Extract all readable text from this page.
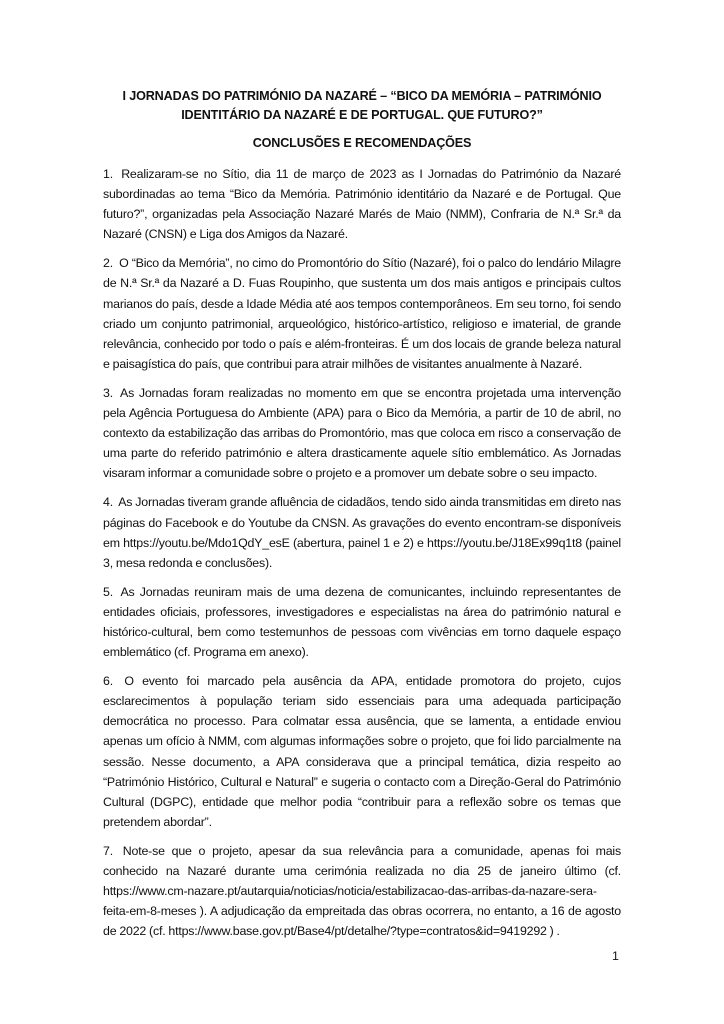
I JORNADAS DO PATRIMÓNIO DA NAZARÉ – “BICO DA MEMÓRIA – PATRIMÓNIO IDENTITÁRIO DA NAZARÉ E DE PORTUGAL. QUE FUTURO?”
CONCLUSÕES E RECOMENDAÇÕES

1. Realizaram-se no Sítio, dia 11 de março de 2023 as I Jornadas do Património da Nazaré subordinadas ao tema “Bico da Memória. Património identitário da Nazaré e de Portugal. Que futuro?”, organizadas pela Associação Nazaré Marés de Maio (NMM), Confraria de N.ª Sr.ª da Nazaré (CNSN) e Liga dos Amigos da Nazaré.

2. O “Bico da Memória”, no cimo do Promontório do Sítio (Nazaré), foi o palco do lendário Milagre de N.ª Sr.ª da Nazaré a D. Fuas Roupinho, que sustenta um dos mais antigos e principais cultos marianos do país, desde a Idade Média até aos tempos contemporâneos. Em seu torno, foi sendo criado um conjunto patrimonial, arqueológico, histórico-artístico, religioso e imaterial, de grande relevância, conhecido por todo o país e além-fronteiras. É um dos locais de grande beleza natural e paisagística do país, que contribui para atrair milhões de visitantes anualmente à Nazaré.

3. As Jornadas foram realizadas no momento em que se encontra projetada uma intervenção pela Agência Portuguesa do Ambiente (APA) para o Bico da Memória, a partir de 10 de abril, no contexto da estabilização das arribas do Promontório, mas que coloca em risco a conservação de uma parte do referido património e altera drasticamente aquele sítio emblemático. As Jornadas visaram informar a comunidade sobre o projeto e a promover um debate sobre o seu impacto.

4. As Jornadas tiveram grande afluência de cidadãos, tendo sido ainda transmitidas em direto nas páginas do Facebook e do Youtube da CNSN. As gravações do evento encontram-se disponíveis em https://youtu.be/Mdo1QdY_esE (abertura, painel 1 e 2) e https://youtu.be/J18Ex99q1t8 (painel 3, mesa redonda e conclusões).

5. As Jornadas reuniram mais de uma dezena de comunicantes, incluindo representantes de entidades oficiais, professores, investigadores e especialistas na área do património natural e histórico-cultural, bem como testemunhos de pessoas com vivências em torno daquele espaço emblemático (cf. Programa em anexo).

6. O evento foi marcado pela ausência da APA, entidade promotora do projeto, cujos esclarecimentos à população teriam sido essenciais para uma adequada participação democrática no processo. Para colmatar essa ausência, que se lamenta, a entidade enviou apenas um ofício à NMM, com algumas informações sobre o projeto, que foi lido parcialmente na sessão. Nesse documento, a APA considerava que a principal temática, dizia respeito ao “Património Histórico, Cultural e Natural” e sugeria o contacto com a Direção-Geral do Património Cultural (DGPC), entidade que melhor podia “contribuir para a reflexão sobre os temas que pretendem abordar”.

7. Note-se que o projeto, apesar da sua relevância para a comunidade, apenas foi mais conhecido na Nazaré durante uma cerimónia realizada no dia 25 de janeiro último (cf. https://www.cm-nazare.pt/autarquia/noticias/noticia/estabilizacao-das-arribas-da-nazare-sera-feita-em-8-meses ). A adjudicação da empreitada das obras ocorrera, no entanto, a 16 de agosto de 2022 (cf. https://www.base.gov.pt/Base4/pt/detalhe/?type=contratos&id=9419292 ) .

1
